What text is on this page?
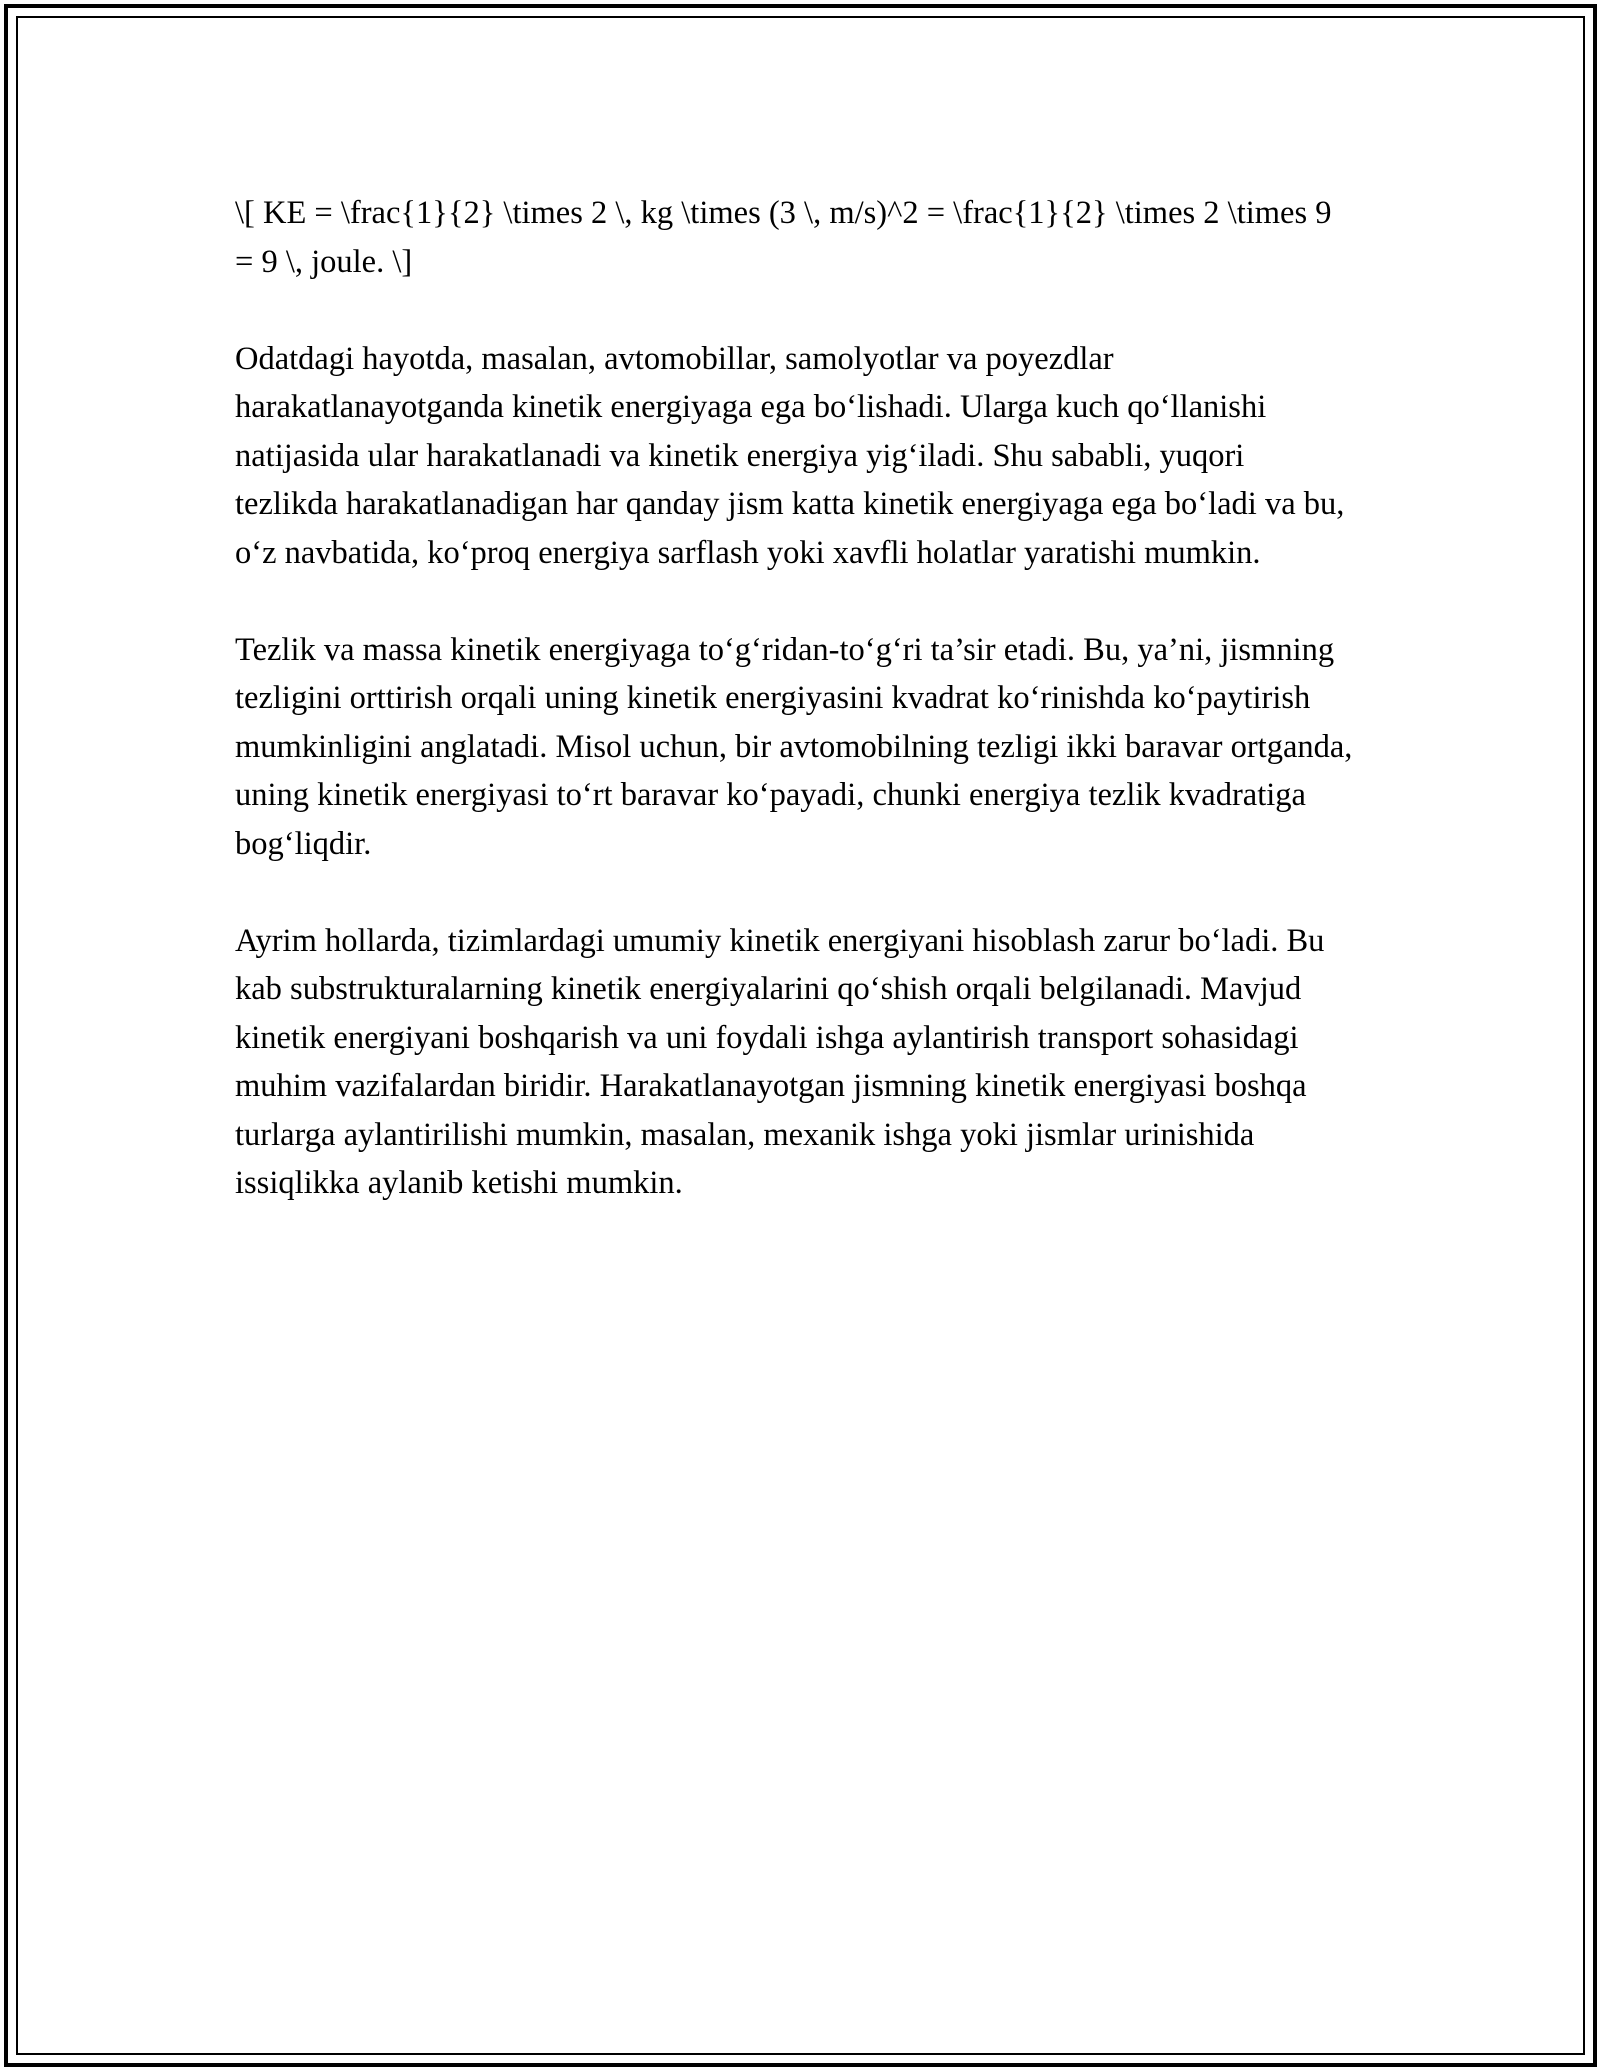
\[ KE = \frac{1}{2} \times 2 \, kg \times (3 \, m/s)^2 = \frac{1}{2} \times 2 \times 9 = 9 \, joule. \]

Odatdagi hayotda, masalan, avtomobillar, samolyotlar va poyezdlar harakatlanayotganda kinetik energiyaga ega bo‘lishadi. Ularga kuch qo‘llanishi natijasida ular harakatlanadi va kinetik energiya yig‘iladi. Shu sababli, yuqori tezlikda harakatlanadigan har qanday jism katta kinetik energiyaga ega bo‘ladi va bu, o‘z navbatida, ko‘proq energiya sarflash yoki xavfli holatlar yaratishi mumkin.

Tezlik va massa kinetik energiyaga to‘g‘ridan-to‘g‘ri ta’sir etadi. Bu, ya’ni, jismning tezligini orttirish orqali uning kinetik energiyasini kvadrat ko‘rinishda ko‘paytirish mumkinligini anglatadi. Misol uchun, bir avtomobilning tezligi ikki baravar ortganda, uning kinetik energiyasi to‘rt baravar ko‘payadi, chunki energiya tezlik kvadratiga bog‘liqdir.

Ayrim hollarda, tizimlardagi umumiy kinetik energiyani hisoblash zarur bo‘ladi. Bu kab substrukturalarning kinetik energiyalarini qo‘shish orqali belgilanadi. Mavjud kinetik energiyani boshqarish va uni foydali ishga aylantirish transport sohasidagi muhim vazifalardan biridir. Harakatlanayotgan jismning kinetik energiyasi boshqa turlarga aylantirilishi mumkin, masalan, mexanik ishga yoki jismlar urinishida issiqlikka aylanib ketishi mumkin.
